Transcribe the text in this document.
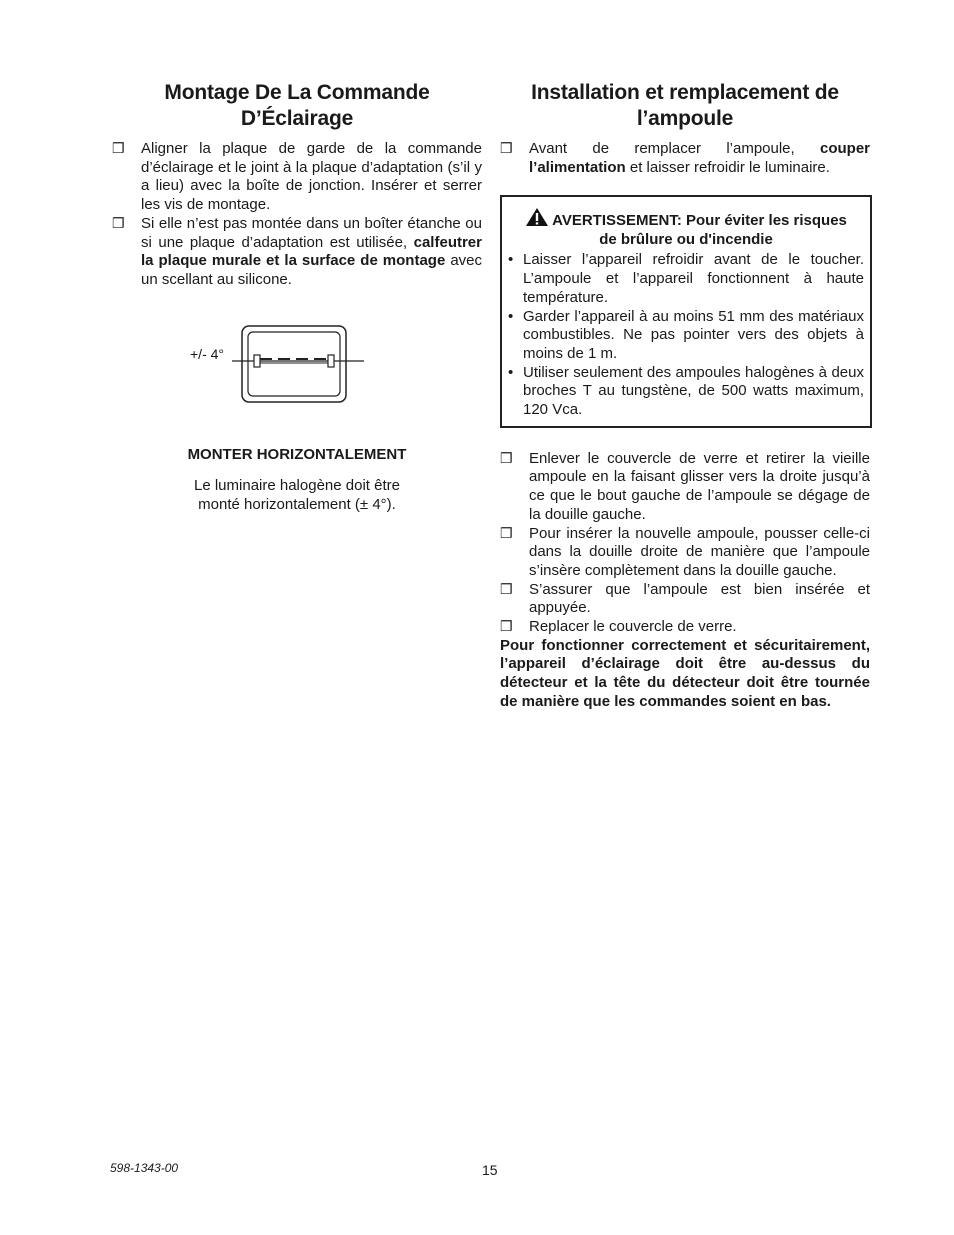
Montage De La Commande
D’Éclairage
❒ Aligner la plaque de garde de la commande d’éclairage et le joint à la plaque d’adaptation (s’il y a lieu) avec la boîte de jonction. Insérer et serrer les vis de montage.
❒ Si elle n’est pas montée dans un boîter étanche ou si une plaque d’adaptation est utilisée, calfeutrer la plaque murale et la surface de montage avec un scellant au silicone.
+/- 4°
MONTER HORIZONTALEMENT
Le luminaire halogène doit être
monté horizontalement (± 4°).
Installation et remplacement de
l’ampoule
❒ Avant de remplacer l’ampoule, couper l’alimentation et laisser refroidir le luminaire.
AVERTISSEMENT: Pour éviter les risques
de brûlure ou d'incendie
• Laisser l’appareil refroidir avant de le toucher. L’ampoule et l’appareil fonctionnent à haute température.
• Garder l’appareil à au moins 51 mm des matériaux combustibles. Ne pas pointer vers des objets à moins de 1 m.
• Utiliser seulement des ampoules halogènes à deux broches T au tungstène, de 500 watts maximum, 120 Vca.
❒ Enlever le couvercle de verre et retirer la vieille ampoule en la faisant glisser vers la droite jusqu’à ce que le bout gauche de l’ampoule se dégage de la douille gauche.
❒ Pour insérer la nouvelle ampoule, pousser celle-ci dans la douille droite de manière que l’ampoule s’insère complètement dans la douille gauche.
❒ S’assurer que l’ampoule est bien insérée et appuyée.
❒ Replacer le couvercle de verre.
Pour fonctionner correctement et sécuritairement, l’appareil d’éclairage doit être au-dessus du détecteur et la tête du détecteur doit être tournée de manière que les commandes soient en bas.
598-1343-00	15
